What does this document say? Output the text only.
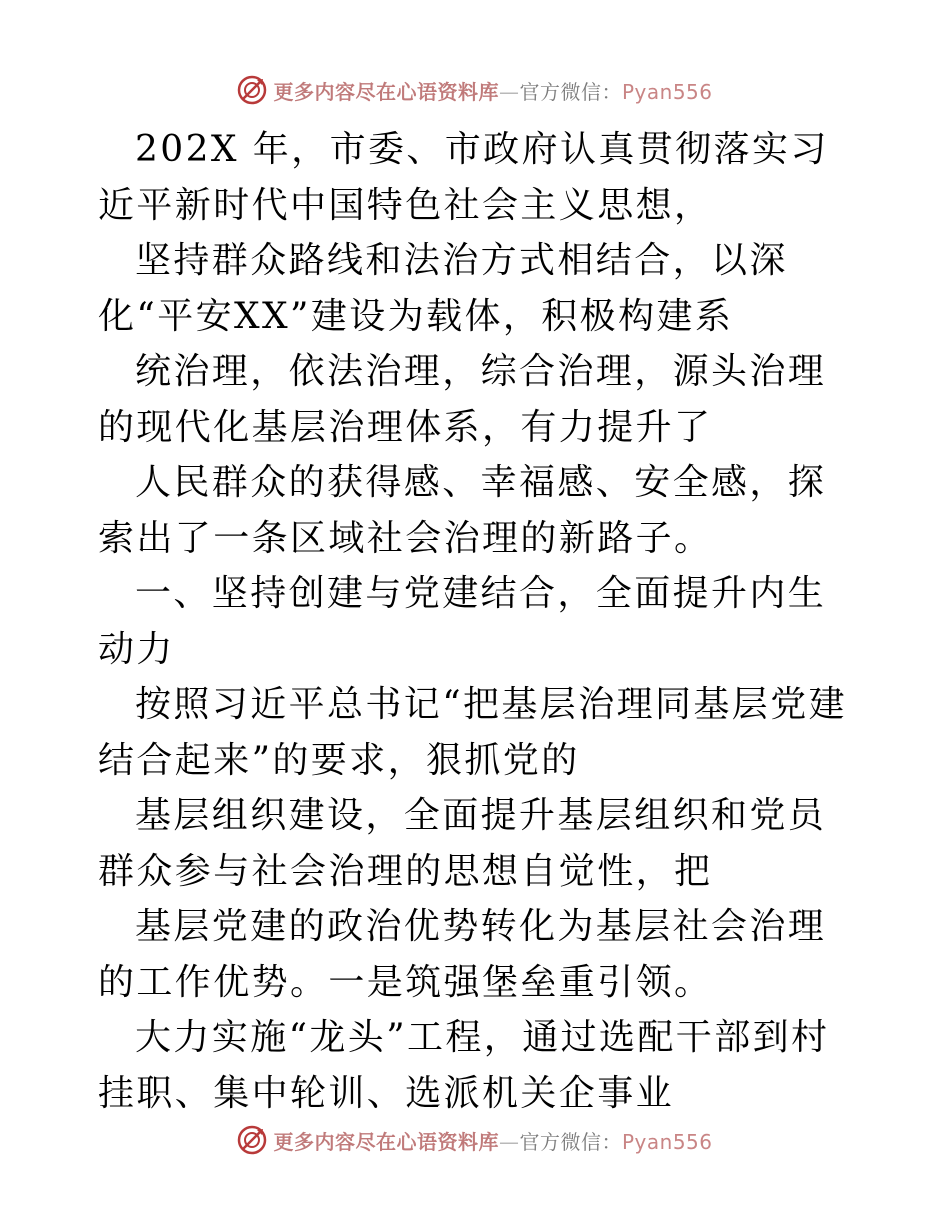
更多内容尽在心语资料库—官方微信：Pyan556

202X 年，市委、市政府认真贯彻落实习近平新时代中国特色社会主义思想，

坚持群众路线和法治方式相结合，以深化“平安XX”建设为载体，积极构建系

统治理，依法治理，综合治理，源头治理的现代化基层治理体系，有力提升了

人民群众的获得感、幸福感、安全感，探索出了一条区域社会治理的新路子。

一、坚持创建与党建结合，全面提升内生动力

按照习近平总书记“把基层治理同基层党建结合起来”的要求，狠抓党的

基层组织建设，全面提升基层组织和党员群众参与社会治理的思想自觉性，把

基层党建的政治优势转化为基层社会治理的工作优势。一是筑强堡垒重引领。

大力实施“龙头”工程，通过选配干部到村挂职、集中轮训、选派机关企事业

更多内容尽在心语资料库—官方微信：Pyan556
